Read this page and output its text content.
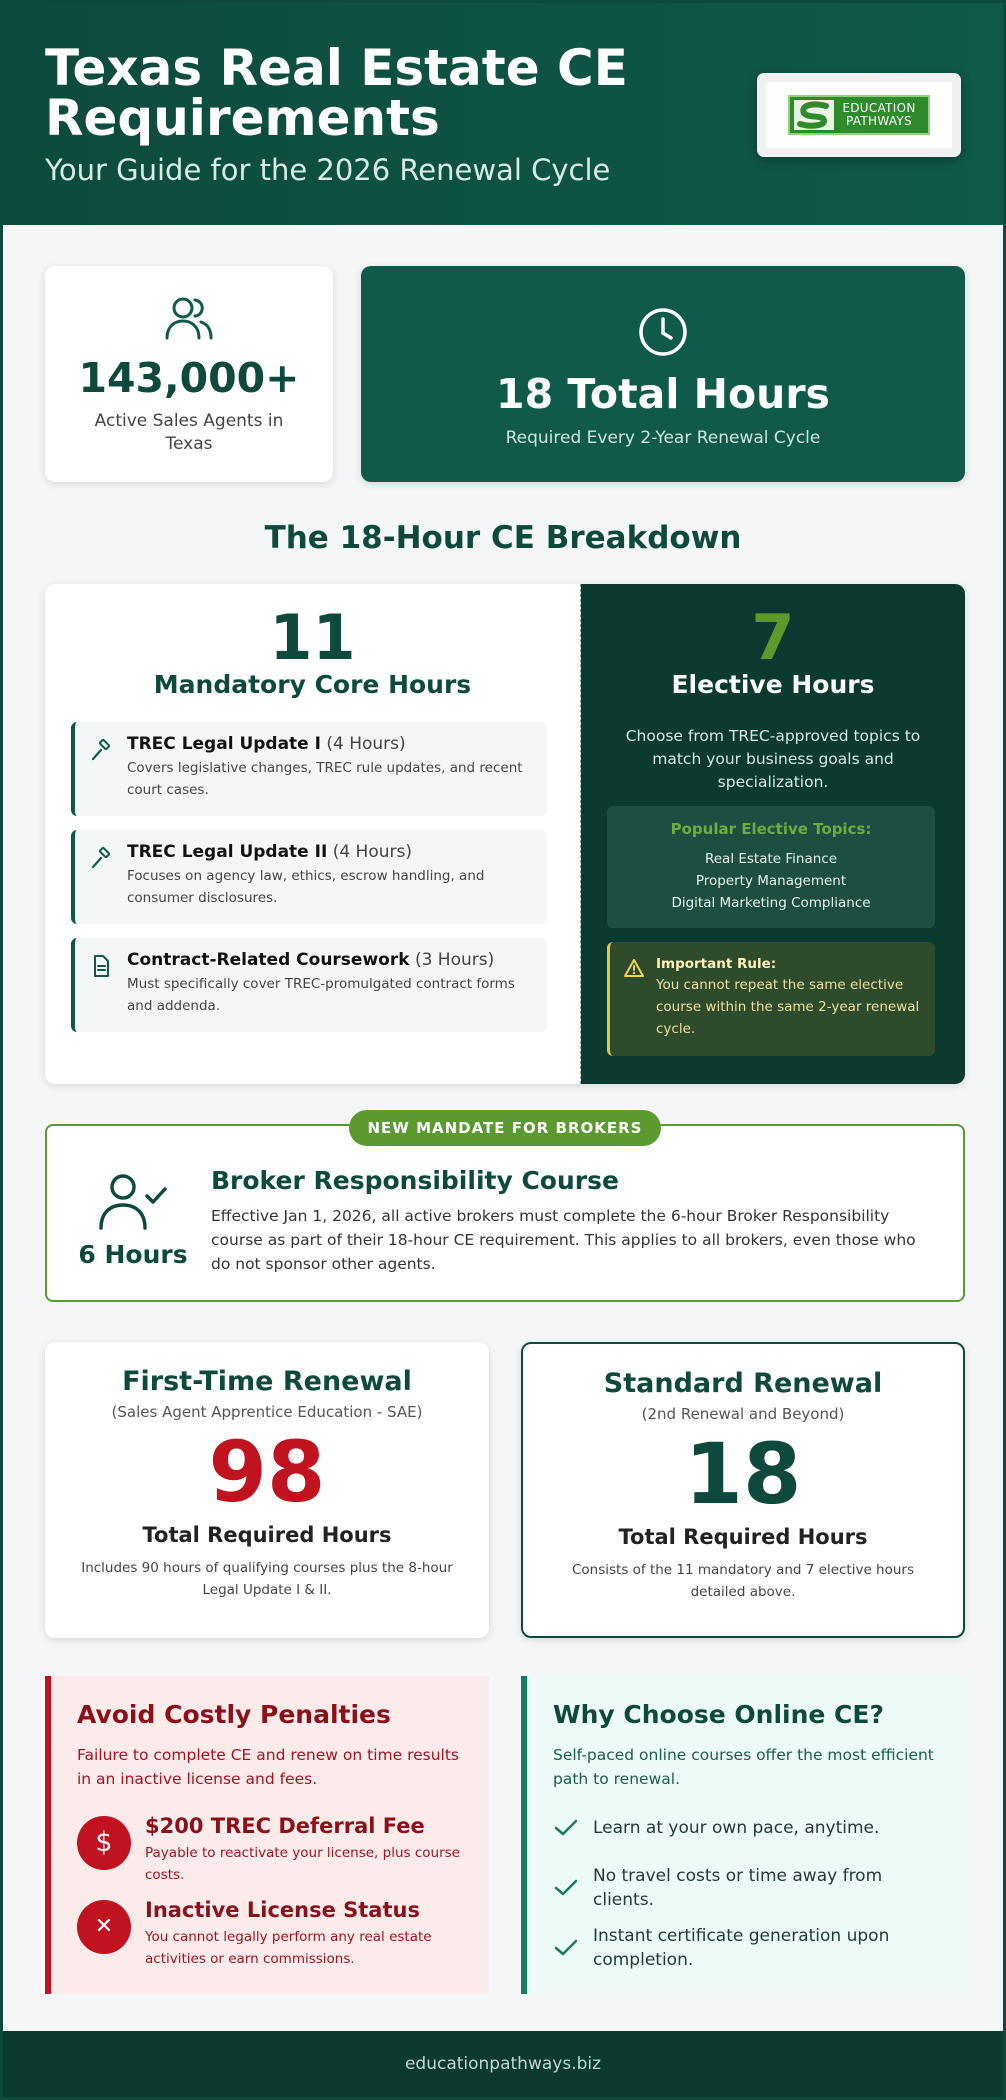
Texas Real Estate CE Requirements
Your Guide for the 2026 Renewal Cycle
EDUCATION
PATHWAYS
143,000+
Active Sales Agents in Texas
18 Total Hours
Required Every 2-Year Renewal Cycle
The 18-Hour CE Breakdown
11
Mandatory Core Hours
TREC Legal Update I (4 Hours)
Covers legislative changes, TREC rule updates, and recent court cases.
TREC Legal Update II (4 Hours)
Focuses on agency law, ethics, escrow handling, and consumer disclosures.
Contract-Related Coursework (3 Hours)
Must specifically cover TREC-promulgated contract forms and addenda.
7
Elective Hours
Choose from TREC-approved topics to match your business goals and specialization.
Popular Elective Topics:
Real Estate Finance
Property Management
Digital Marketing Compliance
Important Rule:
You cannot repeat the same elective course within the same 2-year renewal cycle.
NEW MANDATE FOR BROKERS
6 Hours
Broker Responsibility Course
Effective Jan 1, 2026, all active brokers must complete the 6-hour Broker Responsibility course as part of their 18-hour CE requirement. This applies to all brokers, even those who do not sponsor other agents.
First-Time Renewal
(Sales Agent Apprentice Education - SAE)
98
Total Required Hours
Includes 90 hours of qualifying courses plus the 8-hour Legal Update I & II.
Standard Renewal
(2nd Renewal and Beyond)
18
Total Required Hours
Consists of the 11 mandatory and 7 elective hours detailed above.
Avoid Costly Penalties
Failure to complete CE and renew on time results in an inactive license and fees.
$
$200 TREC Deferral Fee
Payable to reactivate your license, plus course costs.
✕
Inactive License Status
You cannot legally perform any real estate activities or earn commissions.
Why Choose Online CE?
Self-paced online courses offer the most efficient path to renewal.
Learn at your own pace, anytime.
No travel costs or time away from clients.
Instant certificate generation upon completion.
educationpathways.biz
